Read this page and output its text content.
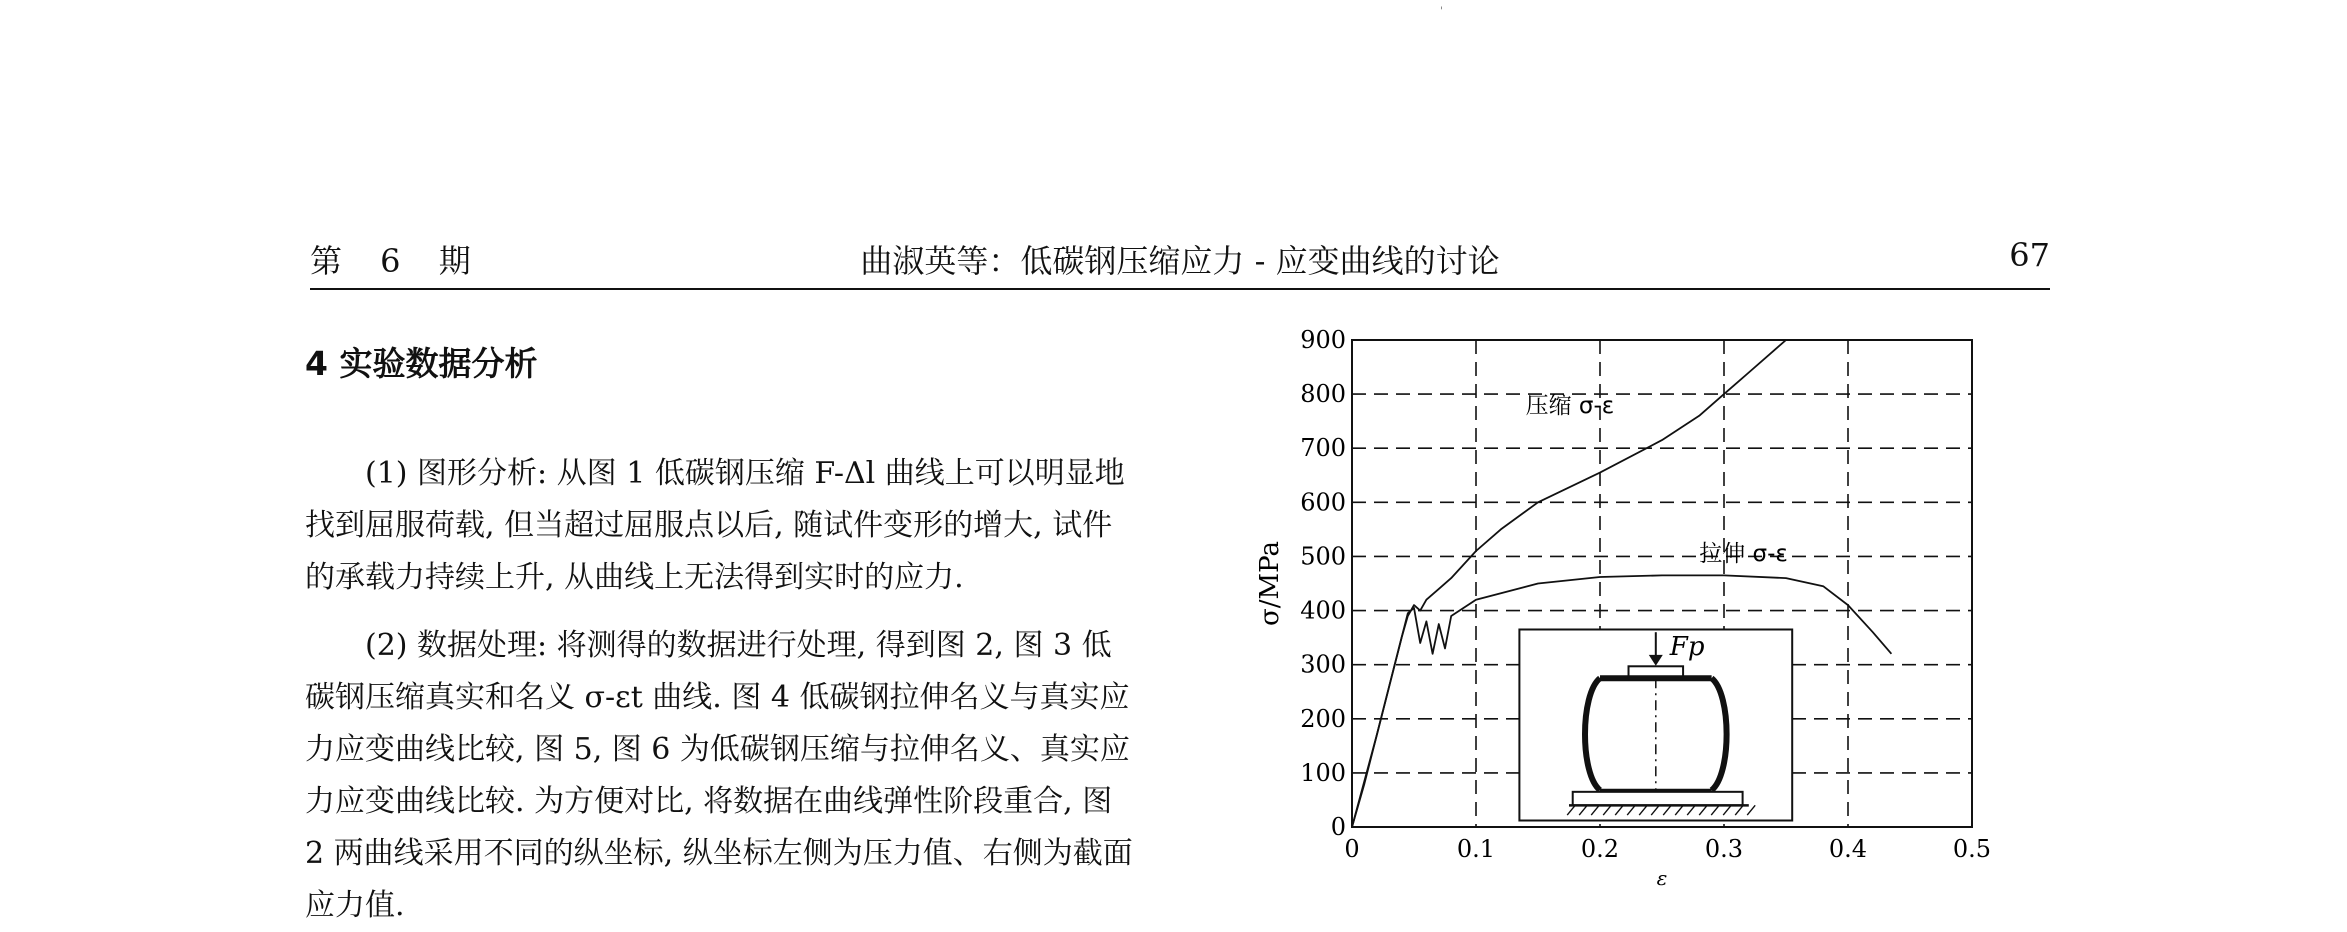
'
第 6 期	曲淑英等：低碳钢压缩应力 - 应变曲线的讨论	67
4 实验数据分析

(1) 图形分析: 从图 1 低碳钢压缩 F-Δl 曲线上可以明显地找到屈服荷载, 但当超过屈服点以后, 随试件变形的增大, 试件的承载力持续上升, 从曲线上无法得到实时的应力.

(2) 数据处理: 将测得的数据进行处理, 得到图 2, 图 3 低碳钢压缩真实和名义 σ-εt 曲线. 图 4 低碳钢拉伸名义与真实应力应变曲线比较, 图 5, 图 6 为低碳钢压缩与拉伸名义、真实应力应变曲线比较. 为方便对比, 将数据在曲线弹性阶段重合, 图 2 两曲线采用不同的纵坐标, 纵坐标左侧为压力值、右侧为截面应力值.

0	0.1	0.2	0.3	0.4	0.5
0
100
200
300
400
500
600
700
800
900
Fp
ε
σ/MPa
压缩 σ-ε
拉伸 σ-ε
